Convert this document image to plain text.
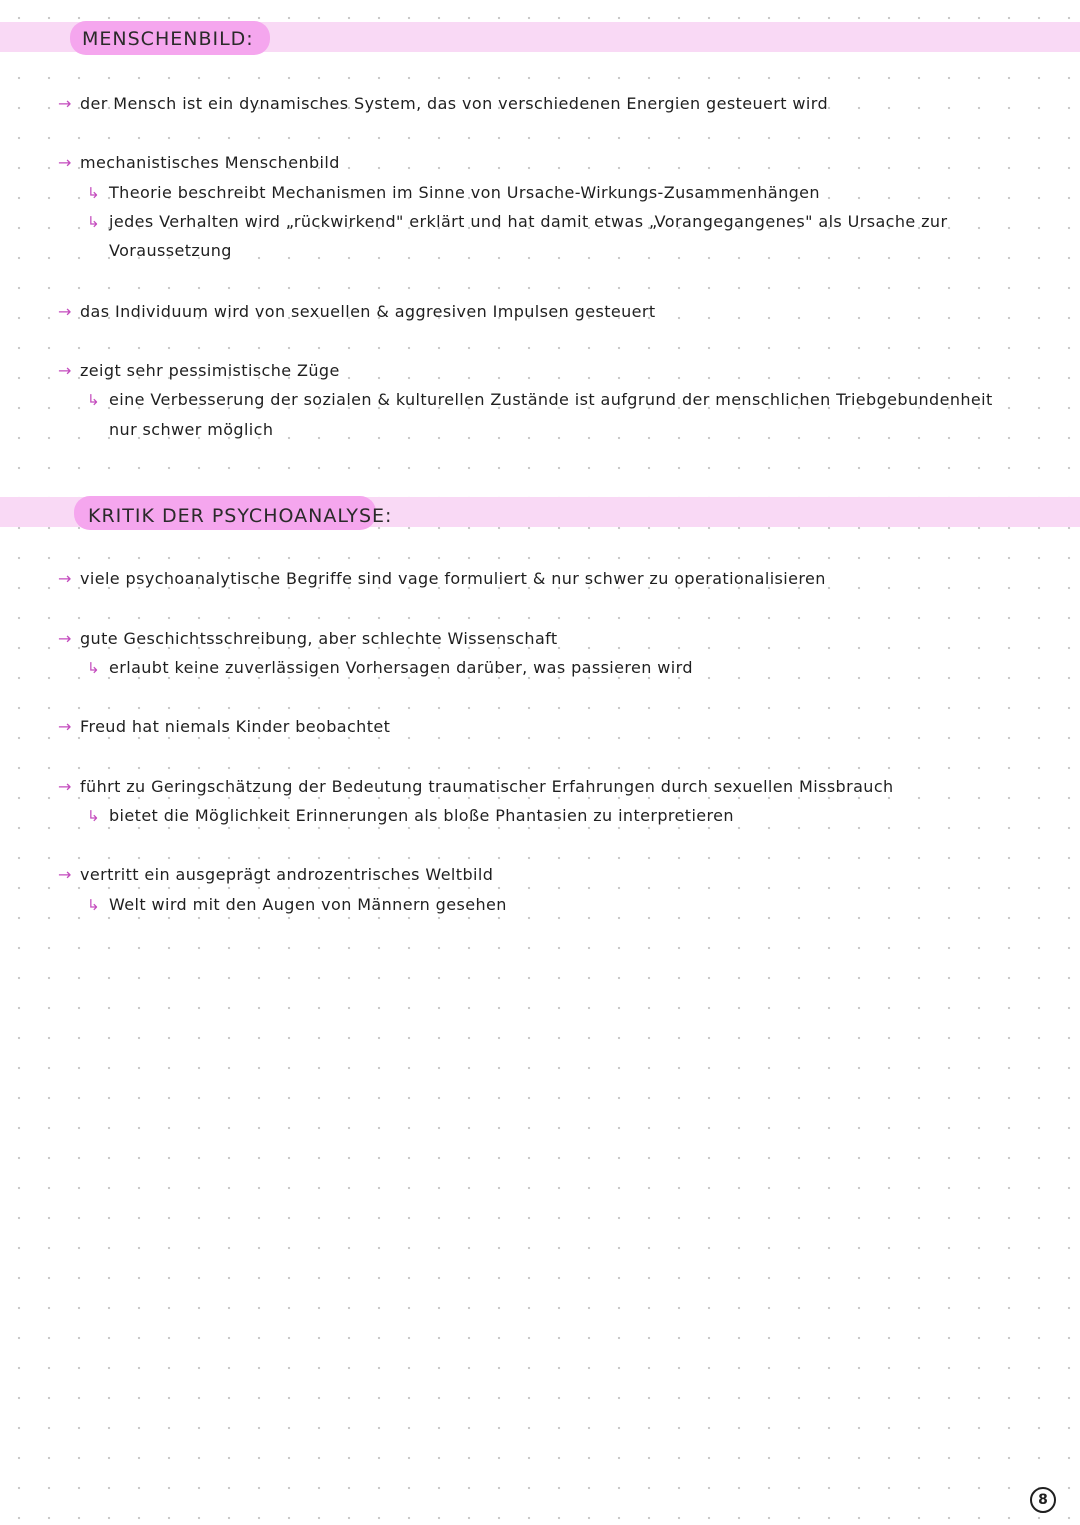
MENSCHENBILD:
→ der Mensch ist ein dynamisches System, das von verschiedenen Energien gesteuert wird
→ mechanistisches Menschenbild
↳ Theorie beschreibt Mechanismen im Sinne von Ursache-Wirkungs-Zusammenhängen
↳ jedes Verhalten wird „rückwirkend" erklärt und hat damit etwas „Vorangegangenes" als Ursache zur
Voraussetzung
→ das Individuum wird von sexuellen & aggresiven Impulsen gesteuert
→ zeigt sehr pessimistische Züge
↳ eine Verbesserung der sozialen & kulturellen Zustände ist aufgrund der menschlichen Triebgebundenheit
nur schwer möglich
KRITIK DER PSYCHOANALYSE:
→ viele psychoanalytische Begriffe sind vage formuliert & nur schwer zu operationalisieren
→ gute Geschichtsschreibung, aber schlechte Wissenschaft
↳ erlaubt keine zuverlässigen Vorhersagen darüber, was passieren wird
→ Freud hat niemals Kinder beobachtet
→ führt zu Geringschätzung der Bedeutung traumatischer Erfahrungen durch sexuellen Missbrauch
↳ bietet die Möglichkeit Erinnerungen als bloße Phantasien zu interpretieren
→ vertritt ein ausgeprägt androzentrisches Weltbild
↳ Welt wird mit den Augen von Männern gesehen
8
